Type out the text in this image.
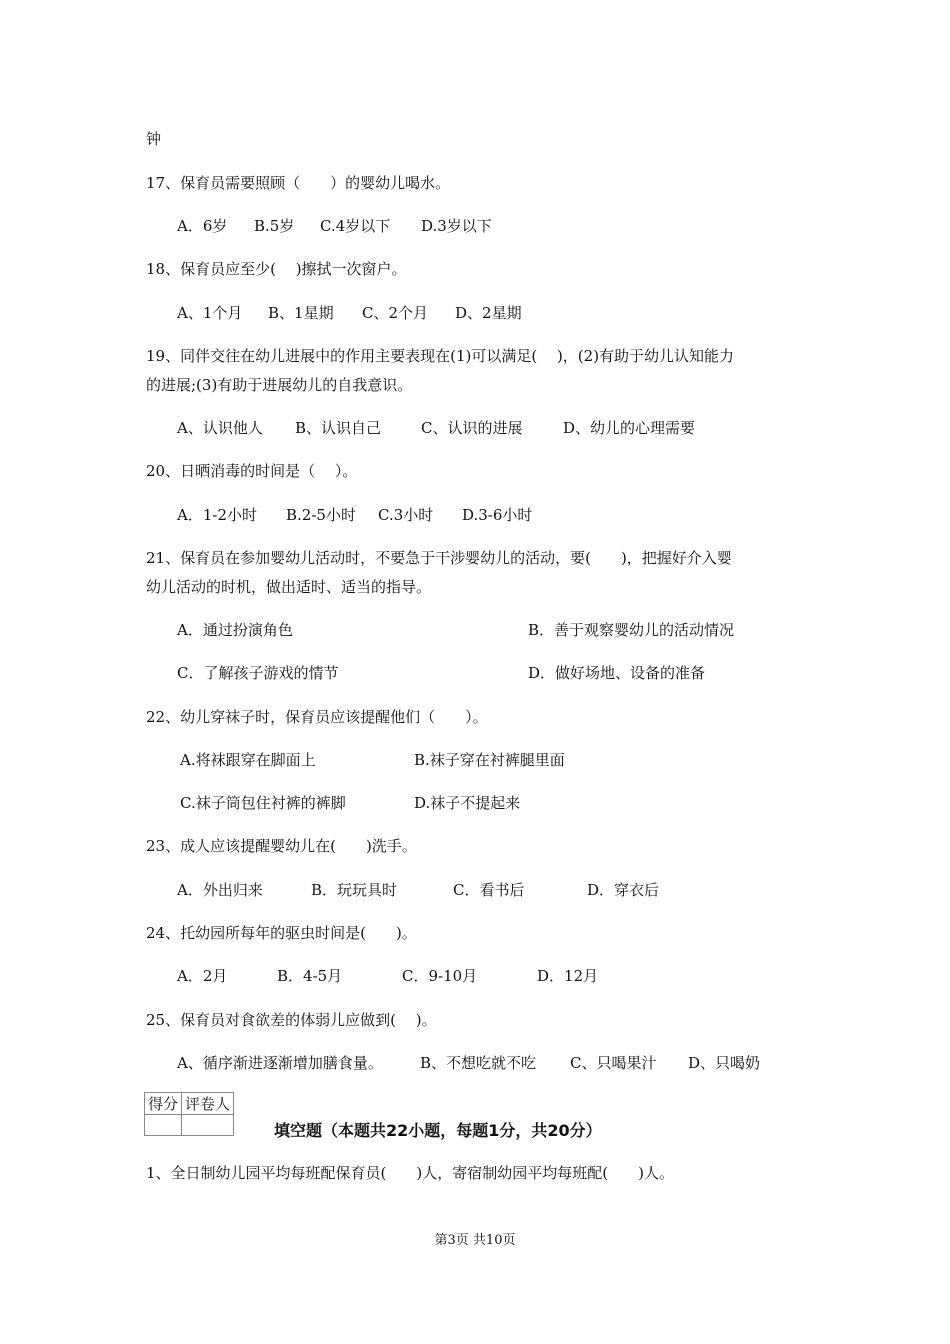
钟
17、保育员需要照顾（　　）的婴幼儿喝水。
A．6岁 B.5岁 C.4岁以下 D.3岁以下
18、保育员应至少(　 )擦拭一次窗户。
A、1个月 B、1星期 C、2个月 D、2星期
19、同伴交往在幼儿进展中的作用主要表现在(1)可以满足(　 )，(2)有助于幼儿认知能力
的进展;(3)有助于进展幼儿的自我意识。
A、认识他人 B、认识自己	C、认识的进展	D、幼儿的心理需要
20、日晒消毒的时间是（　 ）。
A．1-2小时 B.2-5小时 C.3小时 D.3-6小时
21、保育员在参加婴幼儿活动时，不要急于干涉婴幼儿的活动，要(　　)，把握好介入婴
幼儿活动的时机，做出适时、适当的指导。
A．通过扮演角色	B．善于观察婴幼儿的活动情况
C．了解孩子游戏的情节	D．做好场地、设备的准备
22、幼儿穿袜子时，保育员应该提醒他们（　　）。
A.将袜跟穿在脚面上	B.袜子穿在衬裤腿里面
C.袜子筒包住衬裤的裤脚	D.袜子不提起来
23、成人应该提醒婴幼儿在(　　)洗手。
A．外出归来	B．玩玩具时	C．看书后	D．穿衣后
24、托幼园所每年的驱虫时间是(　　)。
A．2月	B．4-5月	C．9-10月	D．12月
25、保育员对食欲差的体弱儿应做到(　 )。
A、循序渐进逐渐增加膳食量。 B、不想吃就不吃 C、只喝果汁 D、只喝奶
得分	评卷人

填空题（本题共22小题，每题1分，共20分）
1、全日制幼儿园平均每班配保育员(　　)人，寄宿制幼园平均每班配(　　)人。
第3页 共10页
